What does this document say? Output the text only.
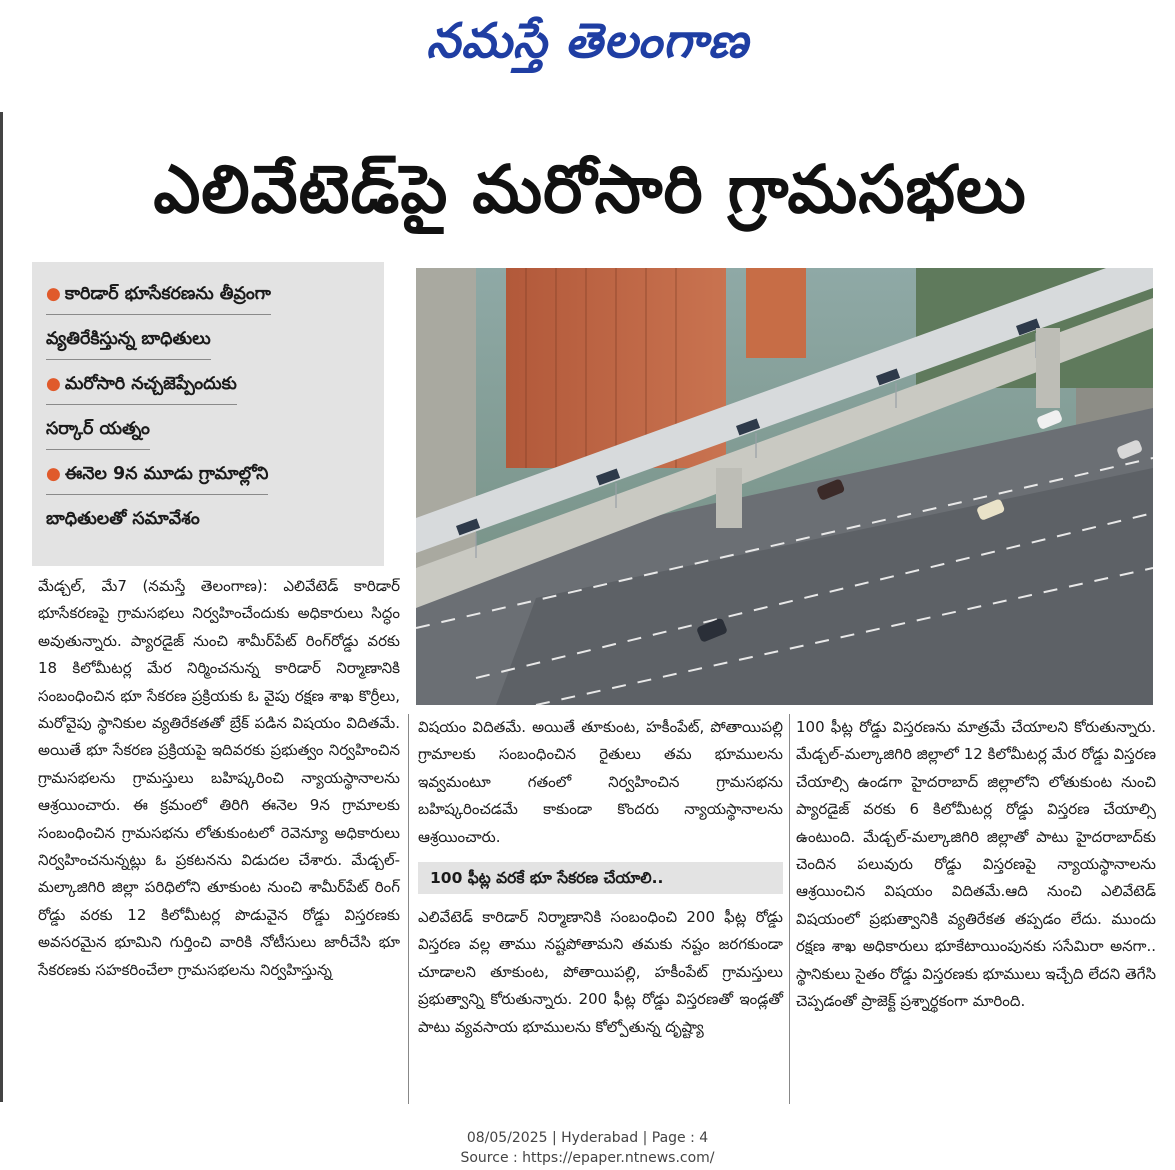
నమస్తే తెలంగాణ
ఎలివేటెడ్‌పై మరోసారి గ్రామసభలు
● కారిడార్ భూసేకరణను తీవ్రంగా
వ్యతిరేకిస్తున్న బాధితులు
● మరోసారి నచ్చజెప్పేందుకు
సర్కార్ యత్నం
● ఈనెల 9న మూడు గ్రామాల్లోని
బాధితులతో సమావేశం
మేడ్చల్, మే7 (నమస్తే తెలంగాణ): ఎలివేటెడ్ కారిడార్ భూసేకరణపై గ్రామసభలు నిర్వహించేందుకు అధికారులు సిద్ధం అవుతున్నారు. ప్యారడైజ్ నుంచి శామీర్‌పేట్ రింగ్‌రోడ్డు వరకు 18 కిలోమీటర్ల మేర నిర్మించనున్న కారిడార్ నిర్మాణానికి సంబంధించిన భూ సేకరణ ప్రక్రియకు ఓ వైపు రక్షణ శాఖ కొర్రీలు, మరోవైపు స్థానికుల వ్యతిరేకతతో బ్రేక్ పడిన విషయం విదితమే. అయితే భూ సేకరణ ప్రక్రియపై ఇదివరకు ప్రభుత్వం నిర్వహించిన గ్రామసభలను గ్రామస్తులు బహిష్కరించి న్యాయస్థానాలను ఆశ్రయించారు. ఈ క్రమంలో తిరిగి ఈనెల 9న గ్రామాలకు సంబంధించిన గ్రామసభను లోతుకుంటలో రెవెన్యూ అధికారులు నిర్వహించనున్నట్లు ఓ ప్రకటనను విడుదల చేశారు. మేడ్చల్-మల్కాజిగిరి జిల్లా పరిధిలోని తూకుంట నుంచి శామీర్‌పేట్ రింగ్ రోడ్డు వరకు 12 కిలోమీటర్ల పొడువైన రోడ్డు విస్తరణకు అవసరమైన భూమిని గుర్తించి వారికి నోటీసులు జారీచేసి భూ సేకరణకు సహకరించేలా గ్రామసభలను నిర్వహిస్తున్న
విషయం విదితమే. అయితే తూకుంట, హకీంపేట్, పోతాయిపల్లి గ్రామాలకు సంబంధించిన రైతులు తమ భూములను ఇవ్వమంటూ గతంలో నిర్వహించిన గ్రామసభను బహిష్కరించడమే కాకుండా కొందరు న్యాయస్థానాలను ఆశ్రయించారు.
100 ఫీట్ల వరకే భూ సేకరణ చేయాలి..
ఎలివేటెడ్ కారిడార్ నిర్మాణానికి సంబంధించి 200 ఫీట్ల రోడ్డు విస్తరణ వల్ల తాము నష్టపోతామని తమకు నష్టం జరగకుండా చూడాలని తూకుంట, పోతాయిపల్లి, హకీంపేట్ గ్రామస్తులు ప్రభుత్వాన్ని కోరుతున్నారు. 200 ఫీట్ల రోడ్డు విస్తరణతో ఇండ్లతో పాటు వ్యవసాయ భూములను కోల్పోతున్న దృష్ట్యా
100 ఫీట్ల రోడ్డు విస్తరణను మాత్రమే చేయాలని కోరుతున్నారు. మేడ్చల్-మల్కాజిగిరి జిల్లాలో 12 కిలోమీటర్ల మేర రోడ్డు విస్తరణ చేయాల్సి ఉండగా హైదరాబాద్ జిల్లాలోని లోతుకుంట నుంచి ప్యారడైజ్ వరకు 6 కిలోమీటర్ల రోడ్డు విస్తరణ చేయాల్సి ఉంటుంది. మేడ్చల్-మల్కాజిగిరి జిల్లాతో పాటు హైదరాబాద్‌కు చెందిన పలువురు రోడ్డు విస్తరణపై న్యాయస్థానాలను ఆశ్రయించిన విషయం విదితమే.ఆది నుంచి ఎలివేటెడ్ విషయంలో ప్రభుత్వానికి వ్యతిరేకత తప్పడం లేదు. ముందు రక్షణ శాఖ అధికారులు భూకేటాయింపునకు ససేమిరా అనగా.. స్థానికులు సైతం రోడ్డు విస్తరణకు భూములు ఇచ్చేది లేదని తెగేసి చెప్పడంతో ప్రాజెక్ట్ ప్రశ్నార్థకంగా మారింది.
08/05/2025 | Hyderabad | Page : 4
Source : https://epaper.ntnews.com/
